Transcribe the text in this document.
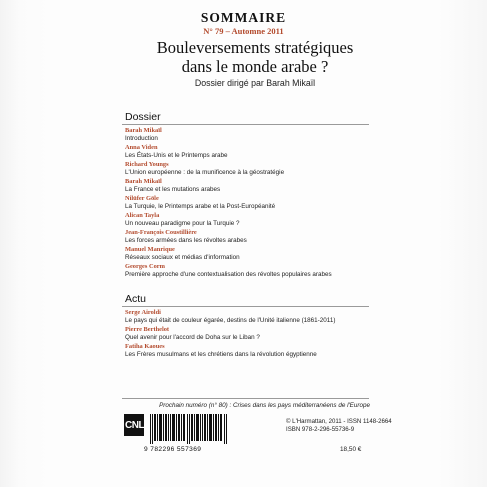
SOMMAIRE
N° 79 – Automne 2011
Bouleversements stratégiques dans le monde arabe ?
Dossier dirigé par Barah Mikaïl
Dossier
Barah Mikaïl
Introduction
Anna Viden
Les États-Unis et le Printemps arabe
Richard Youngs
L'Union européenne : de la munificence à la géostratégie
Barah Mikaïl
La France et les mutations arabes
Nilüfer Göle
La Turquie, le Printemps arabe et la Post-Européanité
Alican Tayla
Un nouveau paradigme pour la Turquie ?
Jean-François Coustillière
Les forces armées dans les révoltes arabes
Manuel Manrique
Réseaux sociaux et médias d'information
Georges Corm
Première approche d'une contextualisation des révoltes populaires arabes
Actu
Serge Airoldi
Le pays qui était de couleur égarée, destins de l'Unité italienne (1861-2011)
Pierre Berthelot
Quel avenir pour l'accord de Doha sur le Liban ?
Fatiha Kaoues
Les Frères musulmans et les chrétiens dans la révolution égyptienne
Prochain numéro (n° 80) : Crises dans les pays méditerranéens de l'Europe
CNL
9 782296 557369
© L'Harmattan, 2011 - ISSN 1148-2664
ISBN 978-2-296-55736-9
18,50 €
